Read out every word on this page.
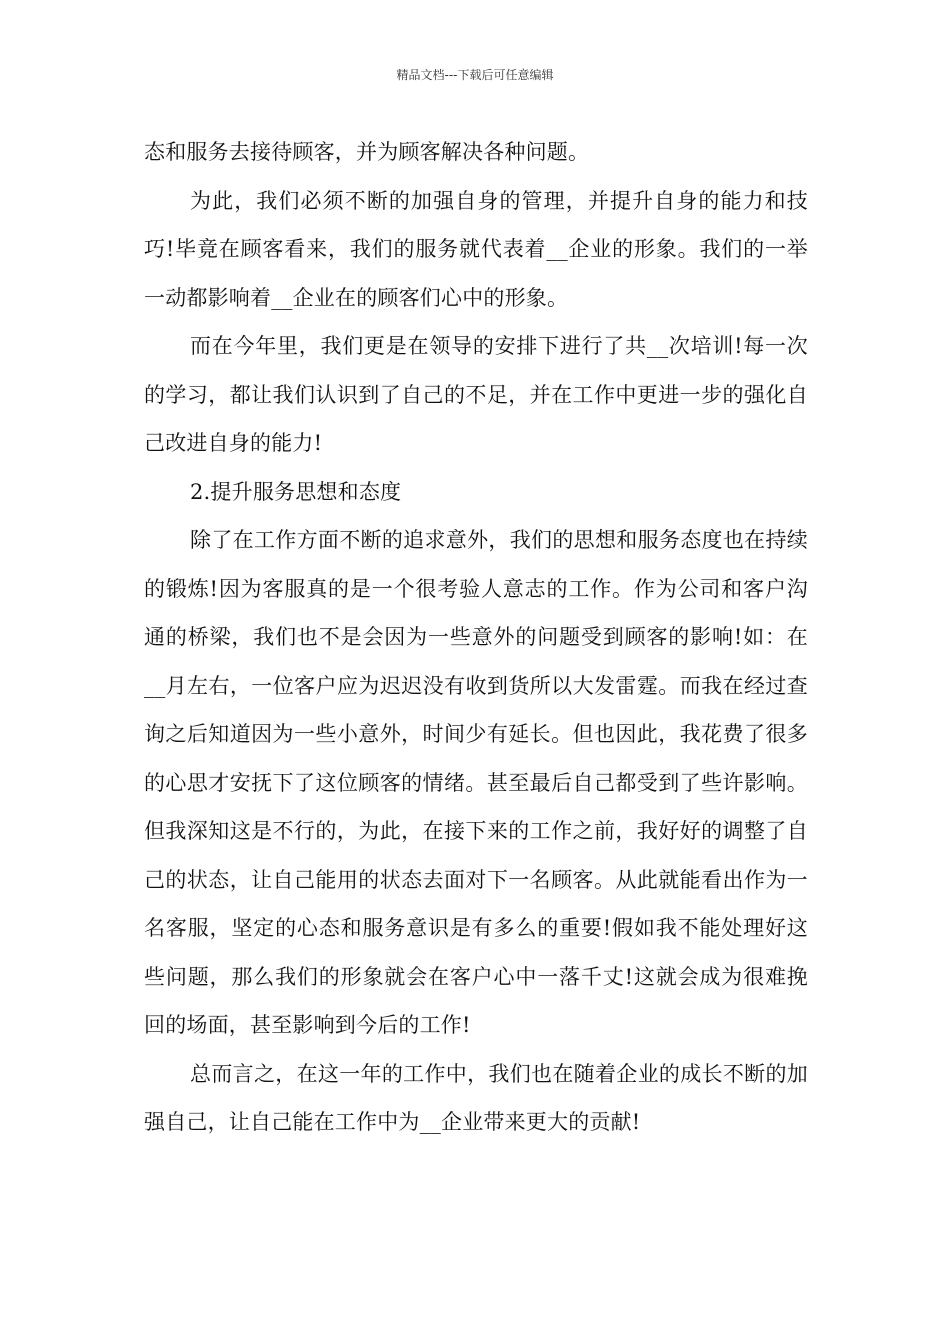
精品文档---下载后可任意编辑

态和服务去接待顾客，并为顾客解决各种问题。

为此，我们必须不断的加强自身的管理，并提升自身的能力和技巧!毕竟在顾客看来，我们的服务就代表着__企业的形象。我们的一举一动都影响着__企业在的顾客们心中的形象。

而在今年里，我们更是在领导的安排下进行了共__次培训!每一次的学习，都让我们认识到了自己的不足，并在工作中更进一步的强化自己改进自身的能力!

2.提升服务思想和态度

除了在工作方面不断的追求意外，我们的思想和服务态度也在持续的锻炼!因为客服真的是一个很考验人意志的工作。作为公司和客户沟通的桥梁，我们也不是会因为一些意外的问题受到顾客的影响!如：在__月左右，一位客户应为迟迟没有收到货所以大发雷霆。而我在经过查询之后知道因为一些小意外，时间少有延长。但也因此，我花费了很多的心思才安抚下了这位顾客的情绪。甚至最后自己都受到了些许影响。但我深知这是不行的，为此，在接下来的工作之前，我好好的调整了自己的状态，让自己能用的状态去面对下一名顾客。从此就能看出作为一名客服，坚定的心态和服务意识是有多么的重要!假如我不能处理好这些问题，那么我们的形象就会在客户心中一落千丈!这就会成为很难挽回的场面，甚至影响到今后的工作!

总而言之，在这一年的工作中，我们也在随着企业的成长不断的加强自己，让自己能在工作中为__企业带来更大的贡献!
